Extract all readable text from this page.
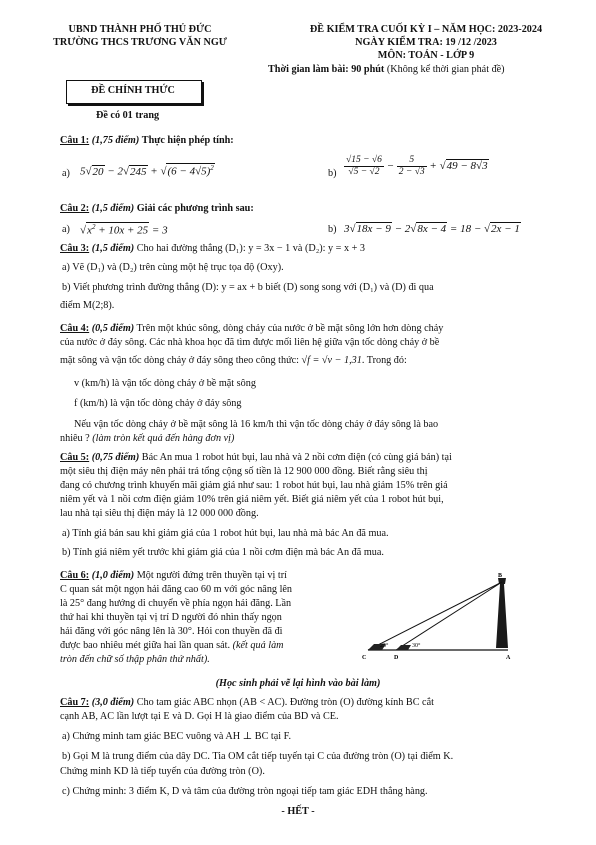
UBND THÀNH PHỐ THỦ ĐỨC
TRƯỜNG THCS TRƯƠNG VĂN NGƯ
ĐỀ KIỂM TRA CUỐI KỲ I – NĂM HỌC: 2023-2024
NGÀY KIỂM TRA: 19 /12 /2023
MÔN: TOÁN - LỚP 9
Thời gian làm bài: 90 phút (Không kể thời gian phát đề)
ĐỀ CHÍNH THỨC
Đề có 01 trang
Câu 1: (1,75 điểm) Thực hiện phép tính:
a) $5√20 - 2√245 + √(6 - 4√5)^2$	$b) \frac{√15 - √6}{√5 - √2} - \frac{5}{2 - √3} + √49 - 8√3$
Câu 2: (1,5 điểm) Giải các phương trình sau:
a) $√x^2 + 10x + 25 = 3$	b) 3√18x − 9 − 2√8x − 4 = 18 − √2x − 1
Câu 3: (1,5 điểm) Cho hai đường thẳng (D₁): y = 3x − 1 và (D₂): y = x + 3
a) Vẽ (D₁) và (D₂) trên cùng một hệ trục tọa độ (Oxy).
b) Viết phương trình đường thẳng (D): y = ax + b biết (D) song song với (D₁) và (D) đi qua
điểm M(2;8).
Câu 4: (0,5 điểm) Trên một khúc sông, dòng chảy của nước ở bề mặt sông lớn hơn dòng chảy
của nước ở đáy sông. Các nhà khoa học đã tìm được mối liên hệ giữa vận tốc dòng chảy ở bề
mặt sông và vận tốc dòng chảy ở đáy sông theo công thức: √f = √v − 1,31. Trong đó:
v (km/h) là vận tốc dòng chảy ở bề mặt sông
f (km/h) là vận tốc dòng chảy ở đáy sông
Nếu vận tốc dòng chảy ở bề mặt sông là 16 km/h thì vận tốc dòng chảy ở đáy sông là bao
nhiêu ? (làm tròn kết quả đến hàng đơn vị)
Câu 5: (0,75 điểm) Bác An mua 1 robot hút bụi, lau nhà và 2 nồi cơm điện (có cùng giá bán) tại
một siêu thị điện máy nên phải trả tổng cộng số tiền là 12 900 000 đồng. Biết rằng siêu thị
đang có chương trình khuyến mãi giảm giá như sau: 1 robot hút bụi, lau nhà giảm 15% trên giá
niêm yết và 1 nồi cơm điện giảm 10% trên giá niêm yết. Biết giá niêm yết của 1 robot hút bụi,
lau nhà tại siêu thị điện máy là 12 000 000 đồng.
a) Tính giá bán sau khi giảm giá của 1 robot hút bụi, lau nhà mà bác An đã mua.
b) Tính giá niêm yết trước khi giảm giá của 1 nồi cơm điện mà bác An đã mua.
Câu 6: (1,0 điểm) Một người đứng trên thuyền tại vị trí
C quan sát một ngọn hải đăng cao 60 m với góc nâng lên
là 25° đang hướng di chuyển về phía ngọn hải đăng. Lần
thứ hai khi thuyền tại vị trí D người đó nhìn thấy ngọn
hải đăng với góc nâng lên là 30°. Hỏi con thuyền đã đi
được bao nhiêu mét giữa hai lần quan sát. (kết quả làm
tròn đến chữ số thập phân thứ nhất).
25°	30°
B
C	D	A
(Học sinh phải vẽ lại hình vào bài làm)
Câu 7: (3,0 điểm) Cho tam giác ABC nhọn (AB < AC). Đường tròn (O) đường kính BC cắt
cạnh AB, AC lần lượt tại E và D. Gọi H là giao điểm của BD và CE.
a) Chứng minh tam giác BEC vuông và AH ⊥ BC tại F.
b) Gọi M là trung điểm của dây DC. Tia OM cắt tiếp tuyến tại C của đường tròn (O) tại điểm K.
Chứng minh KD là tiếp tuyến của đường tròn (O).
c) Chứng minh: 3 điểm K, D và tâm của đường tròn ngoại tiếp tam giác EDH thẳng hàng.
- HẾT -
